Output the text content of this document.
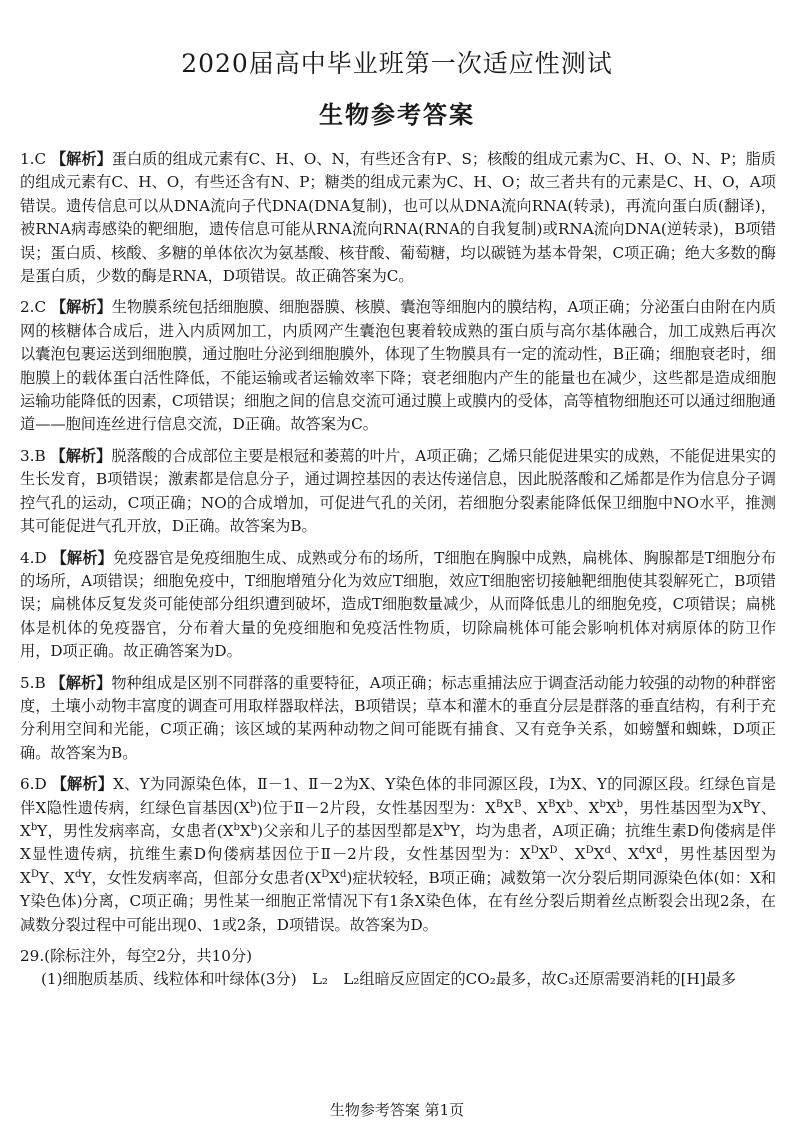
2020届高中毕业班第一次适应性测试
生物参考答案

1.C 【解析】蛋白质的组成元素有C、H、O、N，有些还含有P、S；核酸的组成元素为C、H、O、N、P；脂质的组成元素有C、H、O，有些还含有N、P；糖类的组成元素为C、H、O；故三者共有的元素是C、H、O，A项错误。遗传信息可以从DNA流向子代DNA(DNA复制)，也可以从DNA流向RNA(转录)，再流向蛋白质(翻译)，被RNA病毒感染的靶细胞，遗传信息可能从RNA流向RNA(RNA的自我复制)或RNA流向DNA(逆转录)，B项错误；蛋白质、核酸、多糖的单体依次为氨基酸、核苷酸、葡萄糖，均以碳链为基本骨架，C项正确；绝大多数的酶是蛋白质，少数的酶是RNA，D项错误。故正确答案为C。

2.C 【解析】生物膜系统包括细胞膜、细胞器膜、核膜、囊泡等细胞内的膜结构，A项正确；分泌蛋白由附在内质网的核糖体合成后，进入内质网加工，内质网产生囊泡包裹着较成熟的蛋白质与高尔基体融合，加工成熟后再次以囊泡包裹运送到细胞膜，通过胞吐分泌到细胞膜外，体现了生物膜具有一定的流动性，B正确；细胞衰老时，细胞膜上的载体蛋白活性降低，不能运输或者运输效率下降；衰老细胞内产生的能量也在减少，这些都是造成细胞运输功能降低的因素，C项错误；细胞之间的信息交流可通过膜上或膜内的受体，高等植物细胞还可以通过细胞通道——胞间连丝进行信息交流，D正确。故答案为C。

3.B 【解析】脱落酸的合成部位主要是根冠和萎蔫的叶片，A项正确；乙烯只能促进果实的成熟，不能促进果实的生长发育，B项错误；激素都是信息分子，通过调控基因的表达传递信息，因此脱落酸和乙烯都是作为信息分子调控气孔的运动，C项正确；NO的合成增加，可促进气孔的关闭，若细胞分裂素能降低保卫细胞中NO水平，推测其可能促进气孔开放，D正确。故答案为B。

4.D 【解析】免疫器官是免疫细胞生成、成熟或分布的场所，T细胞在胸腺中成熟，扁桃体、胸腺都是T细胞分布的场所，A项错误；细胞免疫中，T细胞增殖分化为效应T细胞，效应T细胞密切接触靶细胞使其裂解死亡，B项错误；扁桃体反复发炎可能使部分组织遭到破坏，造成T细胞数量减少，从而降低患儿的细胞免疫，C项错误；扁桃体是机体的免疫器官，分布着大量的免疫细胞和免疫活性物质，切除扁桃体可能会影响机体对病原体的防卫作用，D项正确。故正确答案为D。

5.B 【解析】物种组成是区别不同群落的重要特征，A项正确；标志重捕法应于调查活动能力较强的动物的种群密度，土壤小动物丰富度的调查可用取样器取样法，B项错误；草本和灌木的垂直分层是群落的垂直结构，有利于充分利用空间和光能，C项正确；该区域的某两种动物之间可能既有捕食、又有竞争关系，如螃蟹和蜘蛛，D项正确。故答案为B。

6.D 【解析】X、Y为同源染色体，Ⅱ－1、Ⅱ－2为X、Y染色体的非同源区段，Ⅰ为X、Y的同源区段。红绿色盲是伴X隐性遗传病，红绿色盲基因$(X^b)$位于Ⅱ－2片段，女性基因型为：$X^BX^B$、$X^BX^b$、$X^bX^b$，男性基因型为$X^BY$、$X^bY$，男性发病率高，女患者$(X^bX^b)$父亲和儿子的基因型都是$X^bY$，均为患者，A项正确；抗维生素D佝偻病是伴X显性遗传病，抗维生素D佝偻病基因位于Ⅱ－2片段，女性基因型为：$X^DX^D$、$X^DX^d$、$X^dX^d$，男性基因型为$X^DY$、$X^dY$，女性发病率高，但部分女患者$(X^DX^d)$症状较轻，B项正确；减数第一次分裂后期同源染色体(如：X和Y染色体)分离，C项正确；男性某一细胞正常情况下有1条X染色体，在有丝分裂后期着丝点断裂会出现2条，在减数分裂过程中可能出现0、1或2条，D项错误。故答案为D。

29.(除标注外，每空2分，共10分)

(1)细胞质基质、线粒体和叶绿体(3分)　L₂　L₂组暗反应固定的CO₂最多，故C₃还原需要消耗的[H]最多

生物参考答案 第1页
